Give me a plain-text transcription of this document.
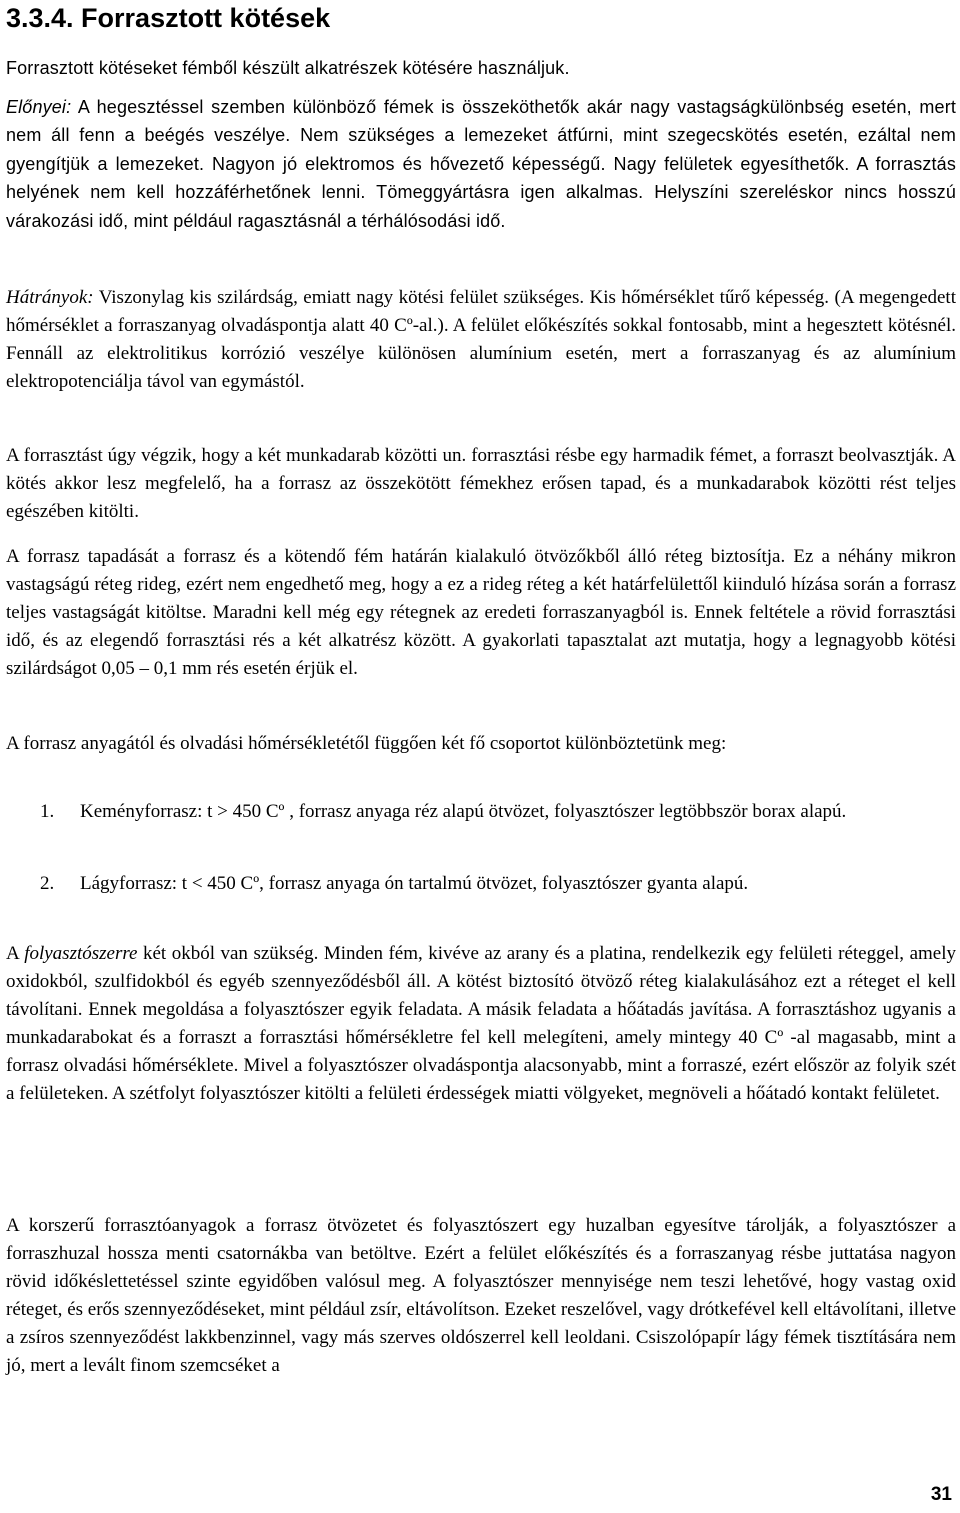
3.3.4. Forrasztott kötések

Forrasztott kötéseket fémből készült alkatrészek kötésére használjuk.

Előnyei: A hegesztéssel szemben különböző fémek is összeköthetők akár nagy vastagságkülönbség esetén, mert nem áll fenn a beégés veszélye. Nem szükséges a lemezeket átfúrni, mint szegecskötés esetén, ezáltal nem gyengítjük a lemezeket. Nagyon jó elektromos és hővezető képességű. Nagy felületek egyesíthetők. A forrasztás helyének nem kell hozzáférhetőnek lenni. Tömeggyártásra igen alkalmas. Helyszíni szereléskor nincs hosszú várakozási idő, mint például ragasztásnál a térhálósodási idő.

Hátrányok: Viszonylag kis szilárdság, emiatt nagy kötési felület szükséges. Kis hőmérséklet tűrő képesség. (A megengedett hőmérséklet a forraszanyag olvadáspontja alatt 40 Cº-al.). A felület előkészítés sokkal fontosabb, mint a hegesztett kötésnél. Fennáll az elektrolitikus korrózió veszélye különösen alumínium esetén, mert a forraszanyag és az alumínium elektropotenciálja távol van egymástól.

A forrasztást úgy végzik, hogy a két munkadarab közötti un. forrasztási résbe egy harmadik fémet, a forraszt beolvasztják. A kötés akkor lesz megfelelő, ha a forrasz az összekötött fémekhez erősen tapad, és a munkadarabok közötti rést teljes egészében kitölti.

A forrasz tapadását a forrasz és a kötendő fém határán kialakuló ötvözőkből álló réteg biztosítja. Ez a néhány mikron vastagságú réteg rideg, ezért nem engedhető meg, hogy a ez a rideg réteg a két határfelülettől kiinduló hízása során a forrasz teljes vastagságát kitöltse. Maradni kell még egy rétegnek az eredeti forraszanyagból is. Ennek feltétele a rövid forrasztási idő, és az elegendő forrasztási rés a két alkatrész között. A gyakorlati tapasztalat azt mutatja, hogy a legnagyobb kötési szilárdságot 0,05 – 0,1 mm rés esetén érjük el.

A forrasz anyagától és olvadási hőmérsékletétől függően két fő csoportot különböztetünk meg:

1.	Keményforrasz: t > 450 Cº , forrasz anyaga réz alapú ötvözet, folyasztószer legtöbbször borax alapú.
2.	Lágyforrasz: t < 450 Cº, forrasz anyaga ón tartalmú ötvözet, folyasztószer gyanta alapú.

A folyasztószerre két okból van szükség. Minden fém, kivéve az arany és a platina, rendelkezik egy felületi réteggel, amely oxidokból, szulfidokból és egyéb szennyeződésből áll. A kötést biztosító ötvöző réteg kialakulásához ezt a réteget el kell távolítani. Ennek megoldása a folyasztószer egyik feladata. A másik feladata a hőátadás javítása. A forrasztáshoz ugyanis a munkadarabokat és a forraszt a forrasztási hőmérsékletre fel kell melegíteni, amely mintegy 40 Cº -al magasabb, mint a forrasz olvadási hőmérséklete. Mivel a folyasztószer olvadáspontja alacsonyabb, mint a forraszé, ezért először az folyik szét a felületeken. A szétfolyt folyasztószer kitölti a felületi érdességek miatti völgyeket, megnöveli a hőátadó kontakt felületet.

A korszerű forrasztóanyagok a forrasz ötvözetet és folyasztószert egy huzalban egyesítve tárolják, a folyasztószer a forraszhuzal hossza menti csatornákba van betöltve. Ezért a felület előkészítés és a forraszanyag résbe juttatása nagyon rövid időkéslettetéssel szinte egyidőben valósul meg. A folyasztószer mennyisége nem teszi lehetővé, hogy vastag oxid réteget, és erős szennyeződéseket, mint például zsír, eltávolítson. Ezeket reszelővel, vagy drótkefével kell eltávolítani, illetve a zsíros szennyeződést lakkbenzinnel, vagy más szerves oldószerrel kell leoldani. Csiszolópapír lágy fémek tisztítására nem jó, mert a levált finom szemcséket a

31
